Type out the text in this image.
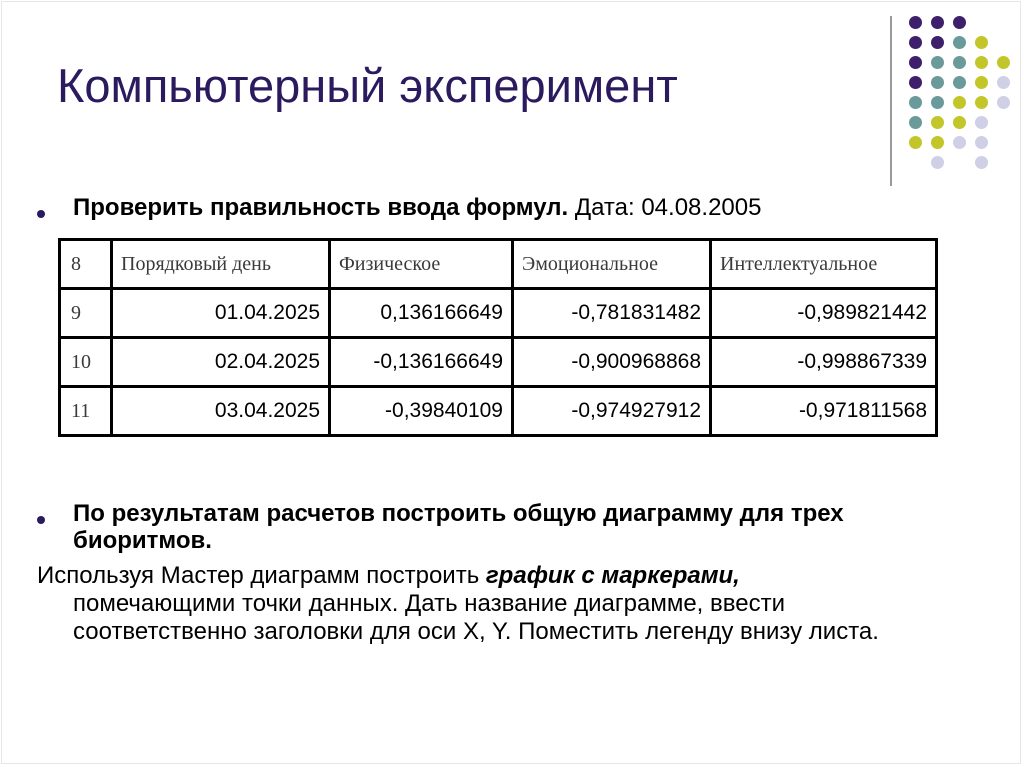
Компьютерный эксперимент
Проверить правильность ввода формул. Дата: 04.08.2005
8	Порядковый день	Физическое	Эмоциональное	Интеллектуальное
9	01.04.2025	0,136166649	-0,781831482	-0,989821442
10	02.04.2025	-0,136166649	-0,900968868	-0,998867339
11	03.04.2025	-0,39840109	-0,974927912	-0,971811568
По результатам расчетов построить общую диаграмму для трех биоритмов.
Используя Мастер диаграмм построить график с маркерами,
помечающими точки данных. Дать название диаграмме, ввести соответственно заголовки для оси X, Y. Поместить легенду внизу листа.
